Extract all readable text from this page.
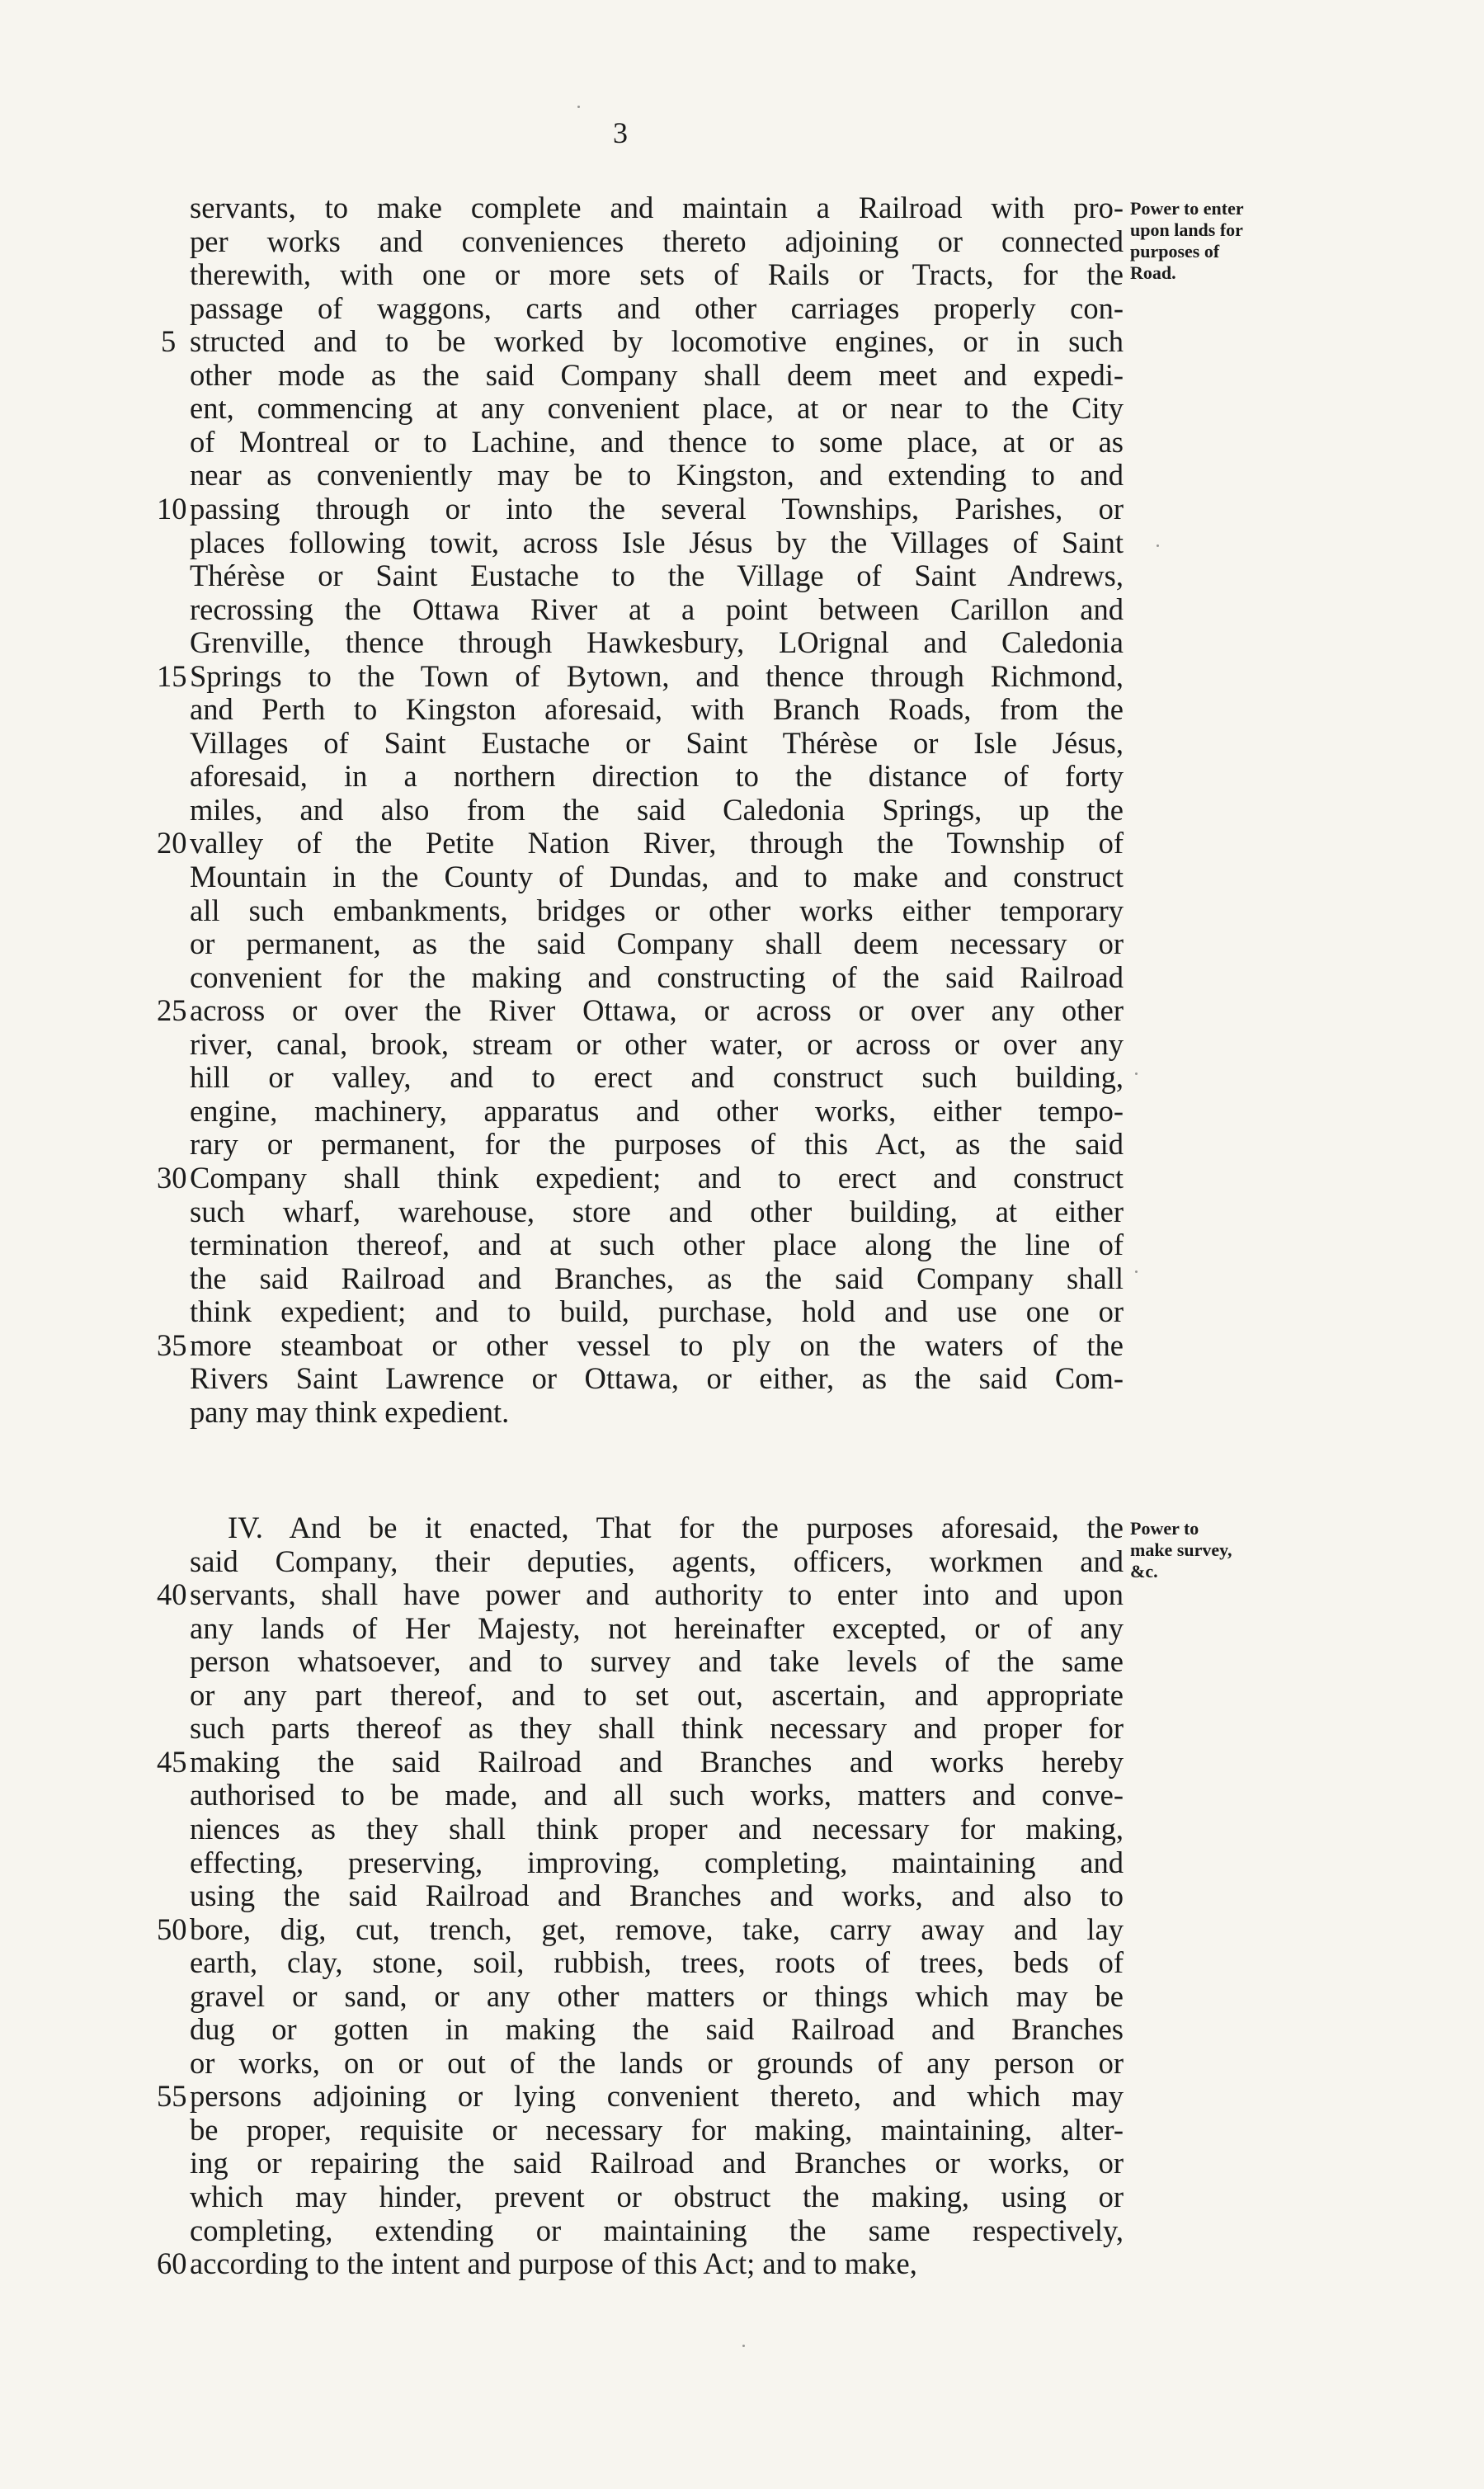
3
servants, to make complete and maintain a Railroad with pro-
per works and conveniences thereto adjoining or connected
therewith, with one or more sets of Rails or Tracts, for the
passage of waggons, carts and other carriages properly con-
5 structed and to be worked by locomotive engines, or in such
other mode as the said Company shall deem meet and expedi-
ent, commencing at any convenient place, at or near to the City
of Montreal or to Lachine, and thence to some place, at or as
near as conveniently may be to Kingston, and extending to and
10 passing through or into the several Townships, Parishes, or
places following towit, across Isle Jésus by the Villages of Saint
Thérèse or Saint Eustache to the Village of Saint Andrews,
recrossing the Ottawa River at a point between Carillon and
Grenville, thence through Hawkesbury, LOrignal and Caledonia
15 Springs to the Town of Bytown, and thence through Richmond,
and Perth to Kingston aforesaid, with Branch Roads, from the
Villages of Saint Eustache or Saint Thérèse or Isle Jésus,
aforesaid, in a northern direction to the distance of forty
miles, and also from the said Caledonia Springs, up the
20 valley of the Petite Nation River, through the Township of
Mountain in the County of Dundas, and to make and construct
all such embankments, bridges or other works either temporary
or permanent, as the said Company shall deem necessary or
convenient for the making and constructing of the said Railroad
25 across or over the River Ottawa, or across or over any other
river, canal, brook, stream or other water, or across or over any
hill or valley, and to erect and construct such building,
engine, machinery, apparatus and other works, either tempo-
rary or permanent, for the purposes of this Act, as the said
30 Company shall think expedient; and to erect and construct
such wharf, warehouse, store and other building, at either
termination thereof, and at such other place along the line of
the said Railroad and Branches, as the said Company shall
think expedient; and to build, purchase, hold and use one or
35 more steamboat or other vessel to ply on the waters of the
Rivers Saint Lawrence or Ottawa, or either, as the said Com-
pany may think expedient.
IV. And be it enacted, That for the purposes aforesaid, the
said Company, their deputies, agents, officers, workmen and
40 servants, shall have power and authority to enter into and upon
any lands of Her Majesty, not hereinafter excepted, or of any
person whatsoever, and to survey and take levels of the same
or any part thereof, and to set out, ascertain, and appropriate
such parts thereof as they shall think necessary and proper for
45 making the said Railroad and Branches and works hereby
authorised to be made, and all such works, matters and conve-
niences as they shall think proper and necessary for making,
effecting, preserving, improving, completing, maintaining and
using the said Railroad and Branches and works, and also to
50 bore, dig, cut, trench, get, remove, take, carry away and lay
earth, clay, stone, soil, rubbish, trees, roots of trees, beds of
gravel or sand, or any other matters or things which may be
dug or gotten in making the said Railroad and Branches
or works, on or out of the lands or grounds of any person or
55 persons adjoining or lying convenient thereto, and which may
be proper, requisite or necessary for making, maintaining, alter-
ing or repairing the said Railroad and Branches or works, or
which may hinder, prevent or obstruct the making, using or
completing, extending or maintaining the same respectively,
60 according to the intent and purpose of this Act; and to make,
Power to enter
upon lands for
purposes of
Road.
Power to
make survey,
&c.
